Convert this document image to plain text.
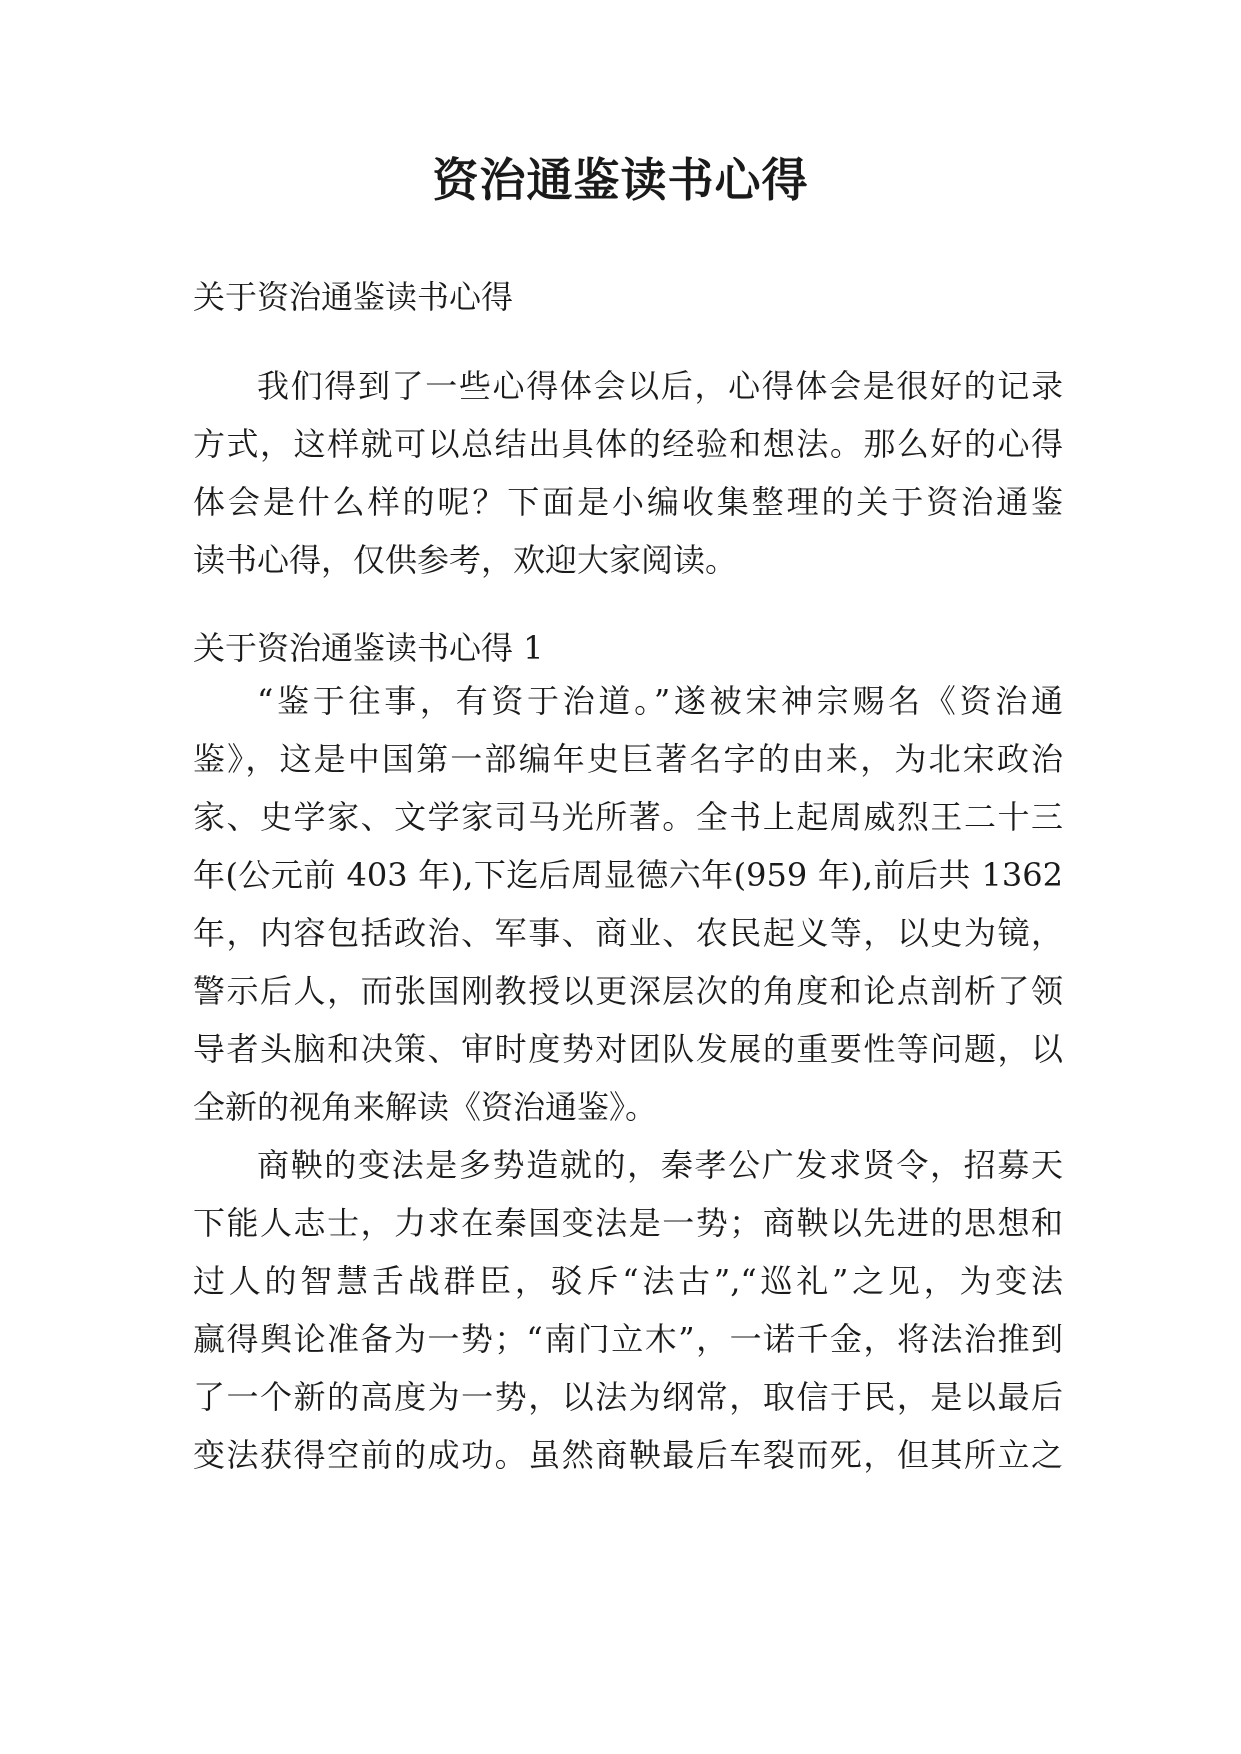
资治通鉴读书心得
关于资治通鉴读书心得
我们得到了一些心得体会以后，心得体会是很好的记录
方式，这样就可以总结出具体的经验和想法。那么好的心得
体会是什么样的呢？下面是小编收集整理的关于资治通鉴
读书心得，仅供参考，欢迎大家阅读。
关于资治通鉴读书心得 1
“鉴于往事，有资于治道。”遂被宋神宗赐名《资治通
鉴》，这是中国第一部编年史巨著名字的由来，为北宋政治
家、史学家、文学家司马光所著。全书上起周威烈王二十三
年(公元前 403 年),下迄后周显德六年(959 年),前后共 1362
年，内容包括政治、军事、商业、农民起义等，以史为镜，
警示后人，而张国刚教授以更深层次的角度和论点剖析了领
导者头脑和决策、审时度势对团队发展的重要性等问题，以
全新的视角来解读《资治通鉴》。
商鞅的变法是多势造就的，秦孝公广发求贤令，招募天
下能人志士，力求在秦国变法是一势；商鞅以先进的思想和
过人的智慧舌战群臣，驳斥“法古”,“巡礼”之见，为变法
赢得舆论准备为一势；“南门立木”，一诺千金，将法治推到
了一个新的高度为一势，以法为纲常，取信于民，是以最后
变法获得空前的成功。虽然商鞅最后车裂而死，但其所立之
